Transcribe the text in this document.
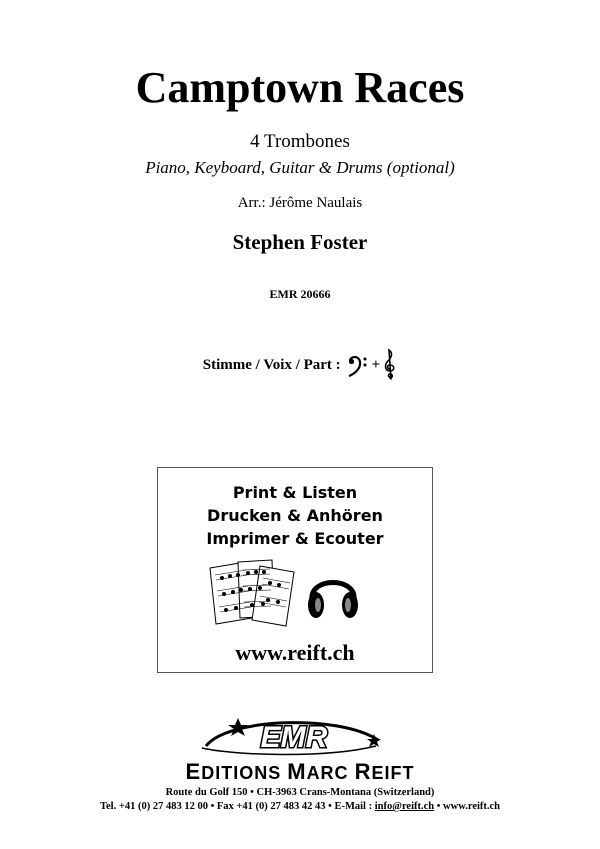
Camptown Races
4 Trombones
Piano, Keyboard, Guitar & Drums (optional)
Arr.: Jérôme Naulais
Stephen Foster
EMR 20666
Stimme / Voix / Part : +
Print & Listen
Drucken & Anhören
Imprimer & Ecouter
www.reift.ch
EMR
EDITIONS MARC REIFT
Route du Golf 150 • CH-3963 Crans-Montana (Switzerland)
Tel. +41 (0) 27 483 12 00 • Fax +41 (0) 27 483 42 43 • E-Mail : info@reift.ch • www.reift.ch
